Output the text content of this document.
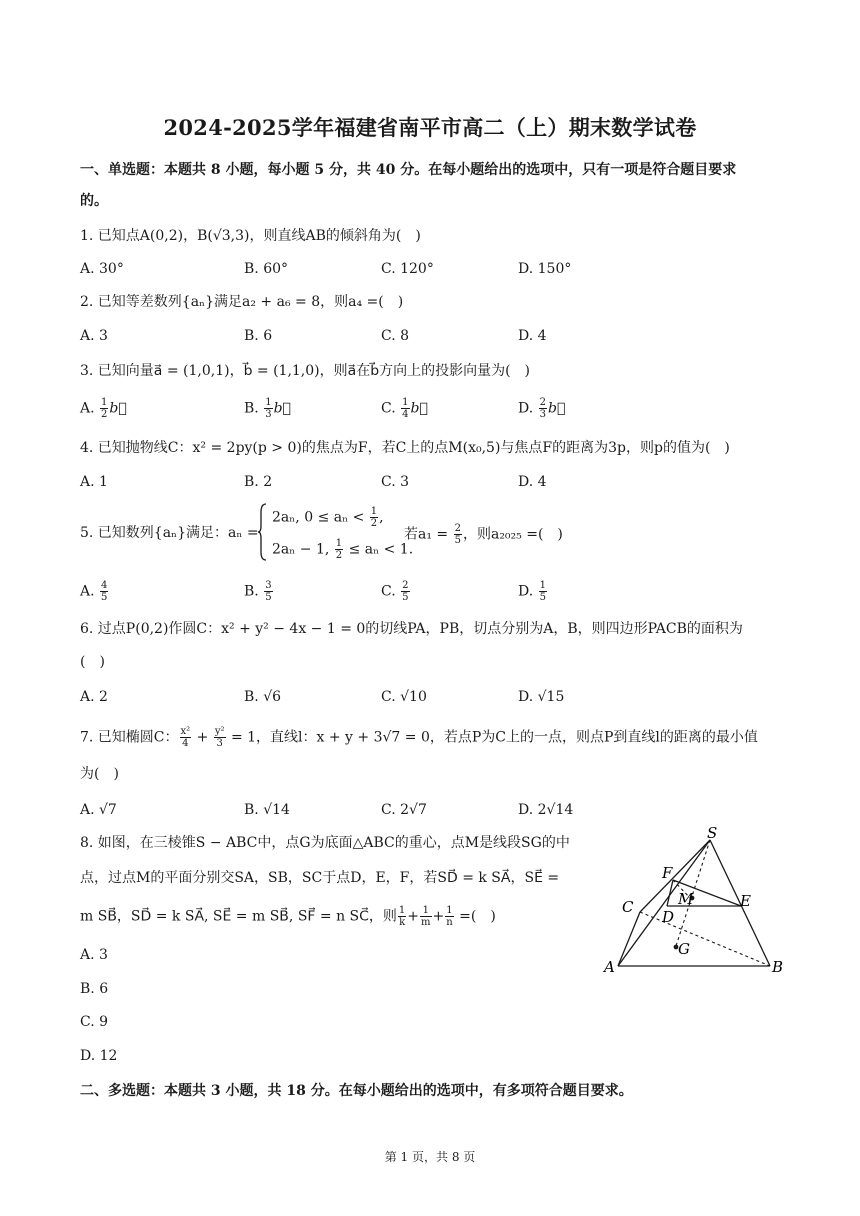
2024-2025学年福建省南平市高二（上）期末数学试卷
一、单选题：本题共 8 小题，每小题 5 分，共 40 分。在每小题给出的选项中，只有一项是符合题目要求
的。
1. 已知点A(0,2)，B(√3,3)，则直线AB的倾斜角为(　)
A. 30°	B. 60°	C. 120°	D. 150°
2. 已知等差数列{aₙ}满足a₂ + a₆ = 8，则a₄ =(　)
A. 3	B. 6	C. 8	D. 4
3. 已知向量a⃗ = (1,0,1)，b⃗ = (1,1,0)，则a⃗在b⃗方向上的投影向量为(　)
A. $\frac{1}{2}$ b⃗	B. $\frac{1}{3}$ b⃗	C. $\frac{1}{4}$ b⃗	D. $\frac{2}{3}$ b⃗
4. 已知抛物线C：x² = 2py(p > 0)的焦点为F，若C上的点M(x₀,5)与焦点F的距离为3p，则p的值为(　)
A. 1	B. 2	C. 3	D. 4
5. 已知数列{aₙ}满足：aₙ =
2aₙ, $0 \le a_n < \frac{1}{2}$ ,
2aₙ − 1, $\frac{1}{2} \le a_n < 1$.
若$a_1 = \frac{2}{5}$ ，则a₂₀₂₅ =(　)
A. $\frac{4}{5}$	B. $\frac{3}{5}$	C. $\frac{2}{5}$	D. $\frac{1}{5}$
6. 过点P(0,2)作圆C：x² + y² − 4x − 1 = 0的切线PA，PB，切点分别为A，B，则四边形PACB的面积为
(　)
A. 2	B. √6	C. √10	D. √15
7. 已知椭圆C： $\frac{\text{x²}}{4} + \frac{\text{y²}}{3} = 1$，直线l：x + y + 3√7 = 0，若点P为C上的一点，则点P到直线l的距离的最小值
为(　)
A. √7	B. √14	C. 2√7	D. 2√14
8. 如图，在三棱锥S − ABC中，点G为底面△ABC的重心，点M是线段SG的中
点，过点M的平面分别交SA，SB，SC于点D，E，F，若SD⃗ = k SA⃗，SE⃗ =
m SB⃗，SD⃗ = k SA⃗, SE⃗ = m SB⃗, SF⃗ = n SC⃗，则 $\frac{1}{k} + \frac{1}{m} + \frac{1}{n}$ =(　)
A. 3
B. 6
C. 9
D. 12
S
F
M
C
D
E
G
A	B
二、多选题：本题共 3 小题，共 18 分。在每小题给出的选项中，有多项符合题目要求。
第 1 页，共 8 页
